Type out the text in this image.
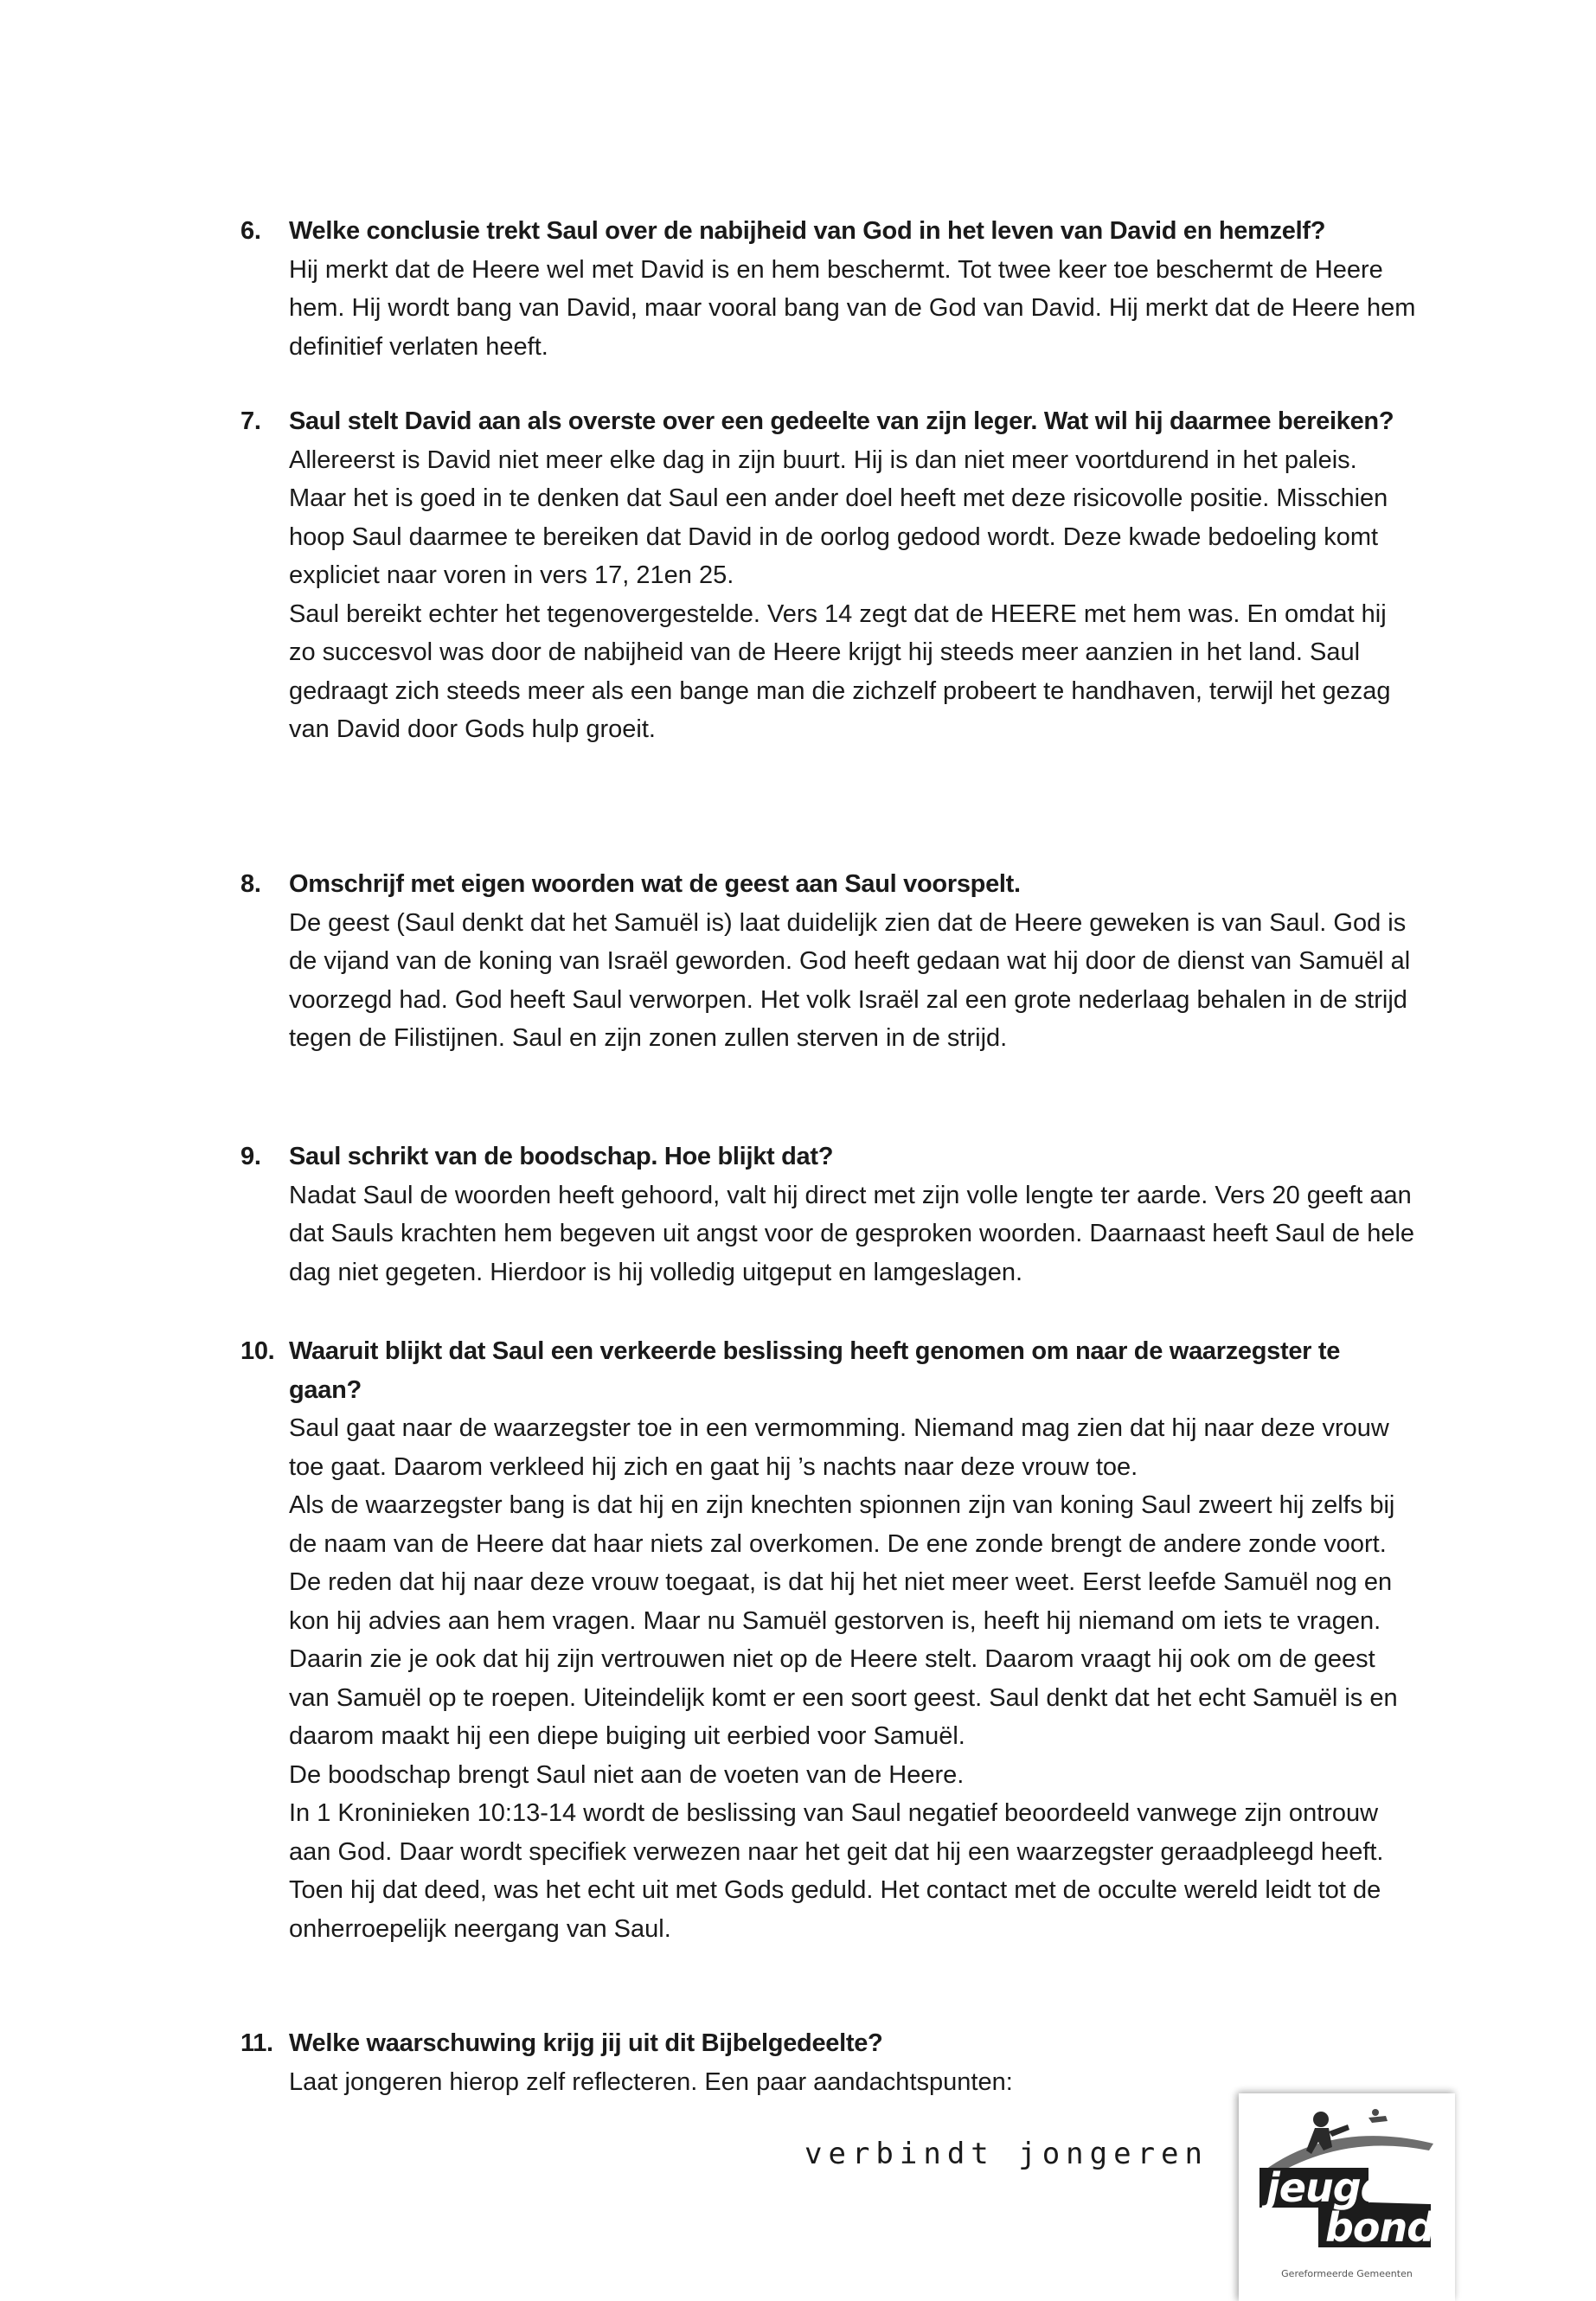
6. Welke conclusie trekt Saul over de nabijheid van God in het leven van David en hemzelf?

Hij merkt dat de Heere wel met David is en hem beschermt. Tot twee keer toe beschermt de Heere hem. Hij wordt bang van David, maar vooral bang van de God van David. Hij merkt dat de Heere hem definitief verlaten heeft.

7. Saul stelt David aan als overste over een gedeelte van zijn leger. Wat wil hij daarmee bereiken?

Allereerst is David niet meer elke dag in zijn buurt. Hij is dan niet meer voortdurend in het paleis.

Maar het is goed in te denken dat Saul een ander doel heeft met deze risicovolle positie. Misschien hoop Saul daarmee te bereiken dat David in de oorlog gedood wordt. Deze kwade bedoeling komt expliciet naar voren in vers 17, 21en 25.

Saul bereikt echter het tegenovergestelde. Vers 14 zegt dat de HEERE met hem was. En omdat hij zo succesvol was door de nabijheid van de Heere krijgt hij steeds meer aanzien in het land. Saul gedraagt zich steeds meer als een bange man die zichzelf probeert te handhaven, terwijl het gezag van David door Gods hulp groeit.

8. Omschrijf met eigen woorden wat de geest aan Saul voorspelt.

De geest (Saul denkt dat het Samuël is) laat duidelijk zien dat de Heere geweken is van Saul. God is de vijand van de koning van Israël geworden. God heeft gedaan wat hij door de dienst van Samuël al voorzegd had. God heeft Saul verworpen. Het volk Israël zal een grote nederlaag behalen in de strijd tegen de Filistijnen. Saul en zijn zonen zullen sterven in de strijd.

9. Saul schrikt van de boodschap. Hoe blijkt dat?

Nadat Saul de woorden heeft gehoord, valt hij direct met zijn volle lengte ter aarde. Vers 20 geeft aan dat Sauls krachten hem begeven uit angst voor de gesproken woorden. Daarnaast heeft Saul de hele dag niet gegeten. Hierdoor is hij volledig uitgeput en lamgeslagen.

10. Waaruit blijkt dat Saul een verkeerde beslissing heeft genomen om naar de waarzegster te gaan?

Saul gaat naar de waarzegster toe in een vermomming. Niemand mag zien dat hij naar deze vrouw toe gaat. Daarom verkleed hij zich en gaat hij ’s nachts naar deze vrouw toe.

Als de waarzegster bang is dat hij en zijn knechten spionnen zijn van koning Saul zweert hij zelfs bij de naam van de Heere dat haar niets zal overkomen. De ene zonde brengt de andere zonde voort.

De reden dat hij naar deze vrouw toegaat, is dat hij het niet meer weet. Eerst leefde Samuël nog en kon hij advies aan hem vragen. Maar nu Samuël gestorven is, heeft hij niemand om iets te vragen. Daarin zie je ook dat hij zijn vertrouwen niet op de Heere stelt. Daarom vraagt hij ook om de geest van Samuël op te roepen. Uiteindelijk komt er een soort geest. Saul denkt dat het echt Samuël is en daarom maakt hij een diepe buiging uit eerbied voor Samuël.

De boodschap brengt Saul niet aan de voeten van de Heere.

In 1 Kroninieken 10:13-14 wordt de beslissing van Saul negatief beoordeeld vanwege zijn ontrouw aan God. Daar wordt specifiek verwezen naar het geit dat hij een waarzegster geraadpleegd heeft. Toen hij dat deed, was het echt uit met Gods geduld. Het contact met de occulte wereld leidt tot de onherroepelijk neergang van Saul.

11. Welke waarschuwing krijg jij uit dit Bijbelgedeelte?

Laat jongeren hierop zelf reflecteren. Een paar aandachtspunten:

verbindt jongeren
jeugd
bond
Gereformeerde Gemeenten
